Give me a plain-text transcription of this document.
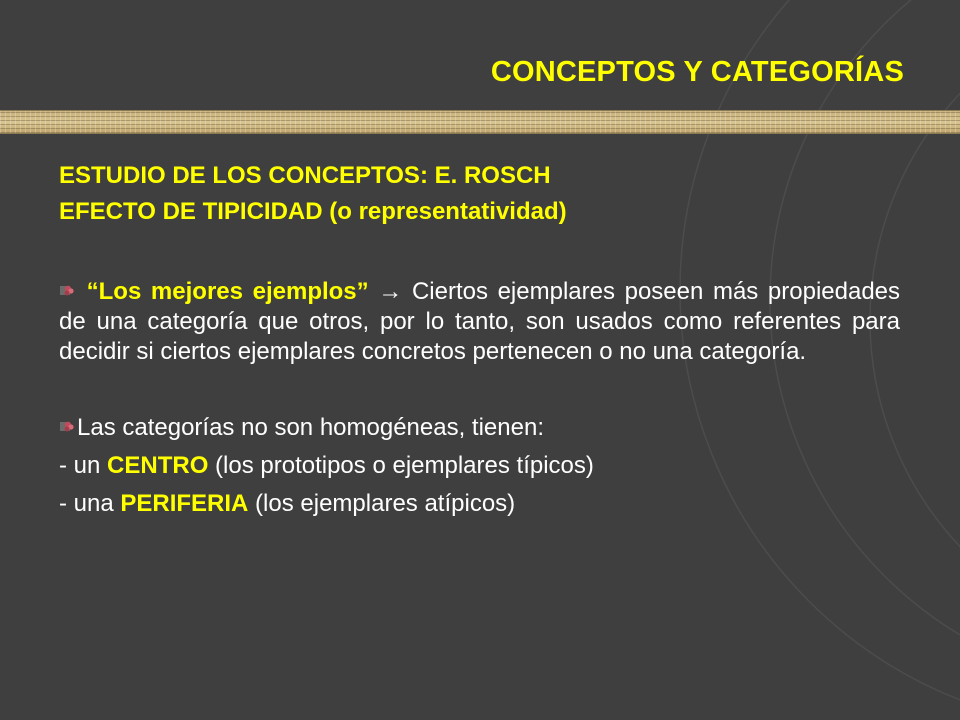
CONCEPTOS Y CATEGORÍAS
ESTUDIO DE LOS CONCEPTOS: E. ROSCH
EFECTO DE TIPICIDAD (o representatividad)
“Los mejores ejemplos” → Ciertos ejemplares poseen más propiedades de una categoría que otros, por lo tanto, son usados como referentes para decidir si ciertos ejemplares concretos pertenecen o no una categoría.
Las categorías no son homogéneas, tienen:
- un CENTRO (los prototipos o ejemplares típicos)
- una PERIFERIA (los ejemplares atípicos)
